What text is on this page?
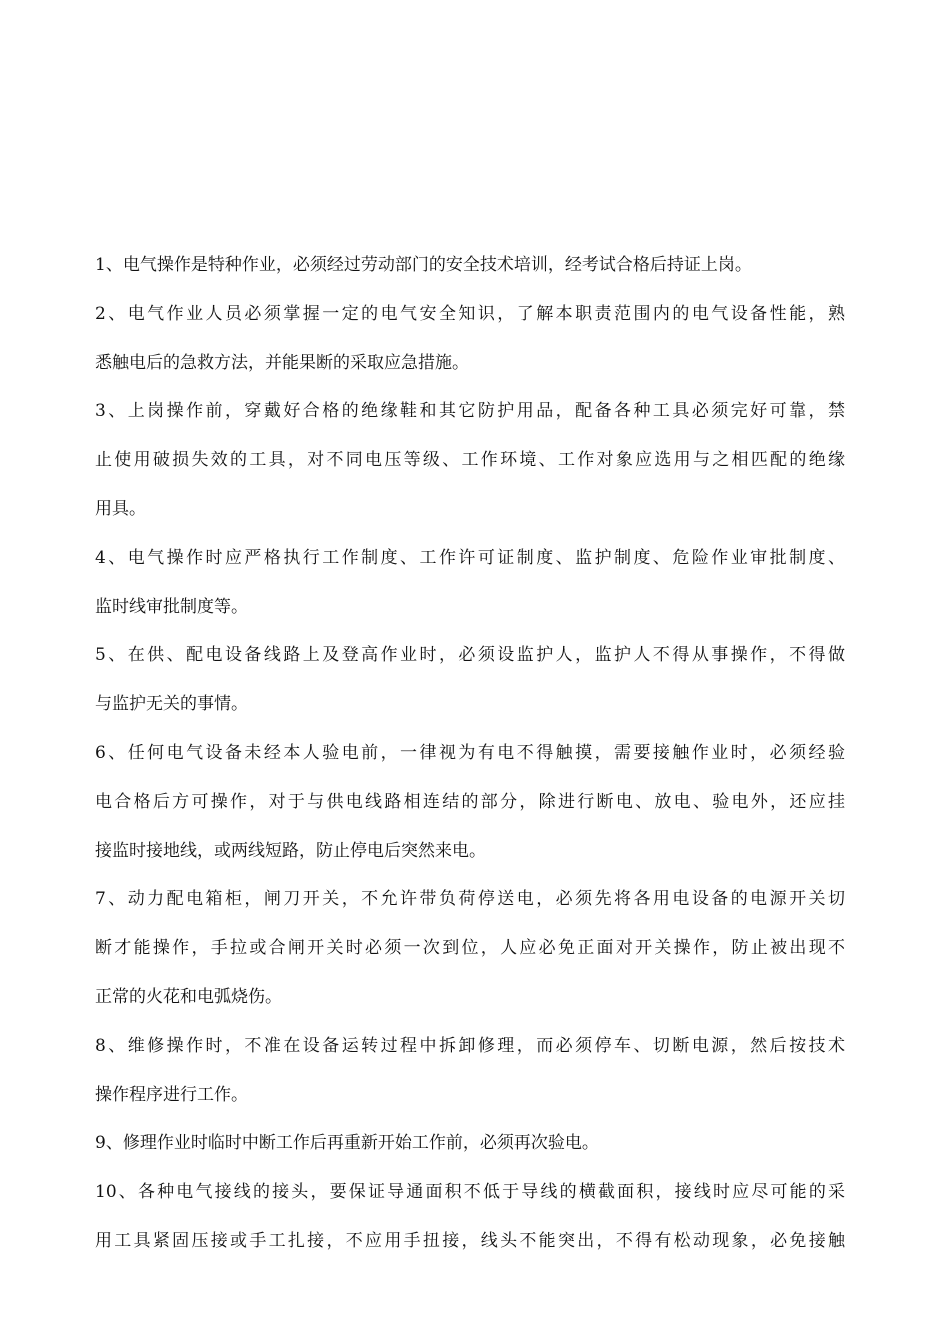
1、电气操作是特种作业，必须经过劳动部门的安全技术培训，经考试合格后持证上岗。
2、电气作业人员必须掌握一定的电气安全知识，了解本职责范围内的电气设备性能，熟
悉触电后的急救方法，并能果断的采取应急措施。
3、上岗操作前，穿戴好合格的绝缘鞋和其它防护用品，配备各种工具必须完好可靠，禁
止使用破损失效的工具，对不同电压等级、工作环境、工作对象应选用与之相匹配的绝缘
用具。
4、电气操作时应严格执行工作制度、工作许可证制度、监护制度、危险作业审批制度、
监时线审批制度等。
5、在供、配电设备线路上及登高作业时，必须设监护人，监护人不得从事操作，不得做
与监护无关的事情。
6、任何电气设备未经本人验电前，一律视为有电不得触摸，需要接触作业时，必须经验
电合格后方可操作，对于与供电线路相连结的部分，除进行断电、放电、验电外，还应挂
接监时接地线，或两线短路，防止停电后突然来电。
7、动力配电箱柜，闸刀开关，不允许带负荷停送电，必须先将各用电设备的电源开关切
断才能操作，手拉或合闸开关时必须一次到位，人应必免正面对开关操作，防止被出现不
正常的火花和电弧烧伤。
8、维修操作时，不准在设备运转过程中拆卸修理，而必须停车、切断电源，然后按技术
操作程序进行工作。
9、修理作业时临时中断工作后再重新开始工作前，必须再次验电。
10、各种电气接线的接头，要保证导通面积不低于导线的横截面积，接线时应尽可能的采
用工具紧固压接或手工扎接，不应用手扭接，线头不能突出，不得有松动现象，必免接触
